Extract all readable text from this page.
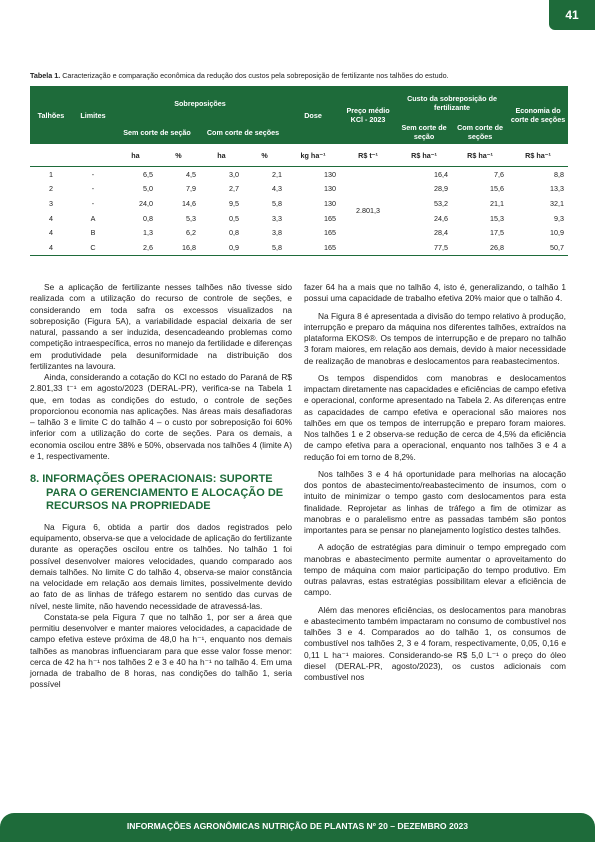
41
Tabela 1. Caracterização e comparação econômica da redução dos custos pela sobreposição de fertilizante nos talhões do estudo.
Talhões	Limites	Sobreposições				Dose	Preço médio KCl - 2023	Custo da sobreposição de fertilizante		Economia do corte de seções
		Sem corte de seção		Com corte de seções				Sem corte de seção	Com corte de seções	
		ha	%	ha	%	kg ha⁻¹	R$ t⁻¹	R$ ha⁻¹	R$ ha⁻¹	R$ ha⁻¹
1	-	6,5	4,5	3,0	2,1	130		16,4	7,6	8,8
2	-	5,0	7,9	2,7	4,3	130		28,9	15,6	13,3
3	-	24,0	14,6	9,5	5,8	130	2.801,3	53,2	21,1	32,1
4	A	0,8	5,3	0,5	3,3	165		24,6	15,3	9,3
4	B	1,3	6,2	0,8	3,8	165		28,4	17,5	10,9
4	C	2,6	16,8	0,9	5,8	165		77,5	26,8	50,7

Se a aplicação de fertilizante nesses talhões não tivesse sido realizada com a utilização do recurso de controle de seções, e considerando em toda safra os excessos visualizados na sobreposição (Figura 5A), a variabilidade espacial deixaria de ser natural, passando a ser induzida, desencadeando problemas como competição intraespecífica, erros no manejo da fertilidade e diferenças em produtividade pela desuniformidade na distribuição dos fertilizantes na lavoura.

Ainda, considerando a cotação do KCl no estado do Paraná de R$ 2.801,33 t⁻¹ em agosto/2023 (DERAL-PR), verifica-se na Tabela 1 que, em todas as condições do estudo, o controle de seções proporcionou economia nas aplicações. Nas áreas mais desafiadoras – talhão 3 e limite C do talhão 4 – o custo por sobreposição foi 60% inferior com a utilização do corte de seções. Para os demais, a economia oscilou entre 38% e 50%, observada nos talhões 4 (limite A) e 1, respectivamente.

8. INFORMAÇÕES OPERACIONAIS: SUPORTE PARA O GERENCIAMENTO E ALOCAÇÃO DE RECURSOS NA PROPRIEDADE

Na Figura 6, obtida a partir dos dados registrados pelo equipamento, observa-se que a velocidade de aplicação do fertilizante durante as operações oscilou entre os talhões. No talhão 1 foi possível desenvolver maiores velocidades, quando comparado aos demais talhões. No limite C do talhão 4, observa-se maior constância na velocidade em relação aos demais limites, possivelmente devido ao fato de as linhas de tráfego estarem no sentido das curvas de nível, neste limite, não havendo necessidade de atravessá-las.

Constata-se pela Figura 7 que no talhão 1, por ser a área que permitiu desenvolver e manter maiores velocidades, a capacidade de campo efetiva esteve próxima de 48,0 ha h⁻¹, enquanto nos demais talhões as manobras influenciaram para que esse valor fosse menor: cerca de 42 ha h⁻¹ nos talhões 2 e 3 e 40 ha h⁻¹ no talhão 4. Em uma jornada de trabalho de 8 horas, nas condições do talhão 1, seria possível

fazer 64 ha a mais que no talhão 4, isto é, generalizando, o talhão 1 possui uma capacidade de trabalho efetiva 20% maior que o talhão 4.

Na Figura 8 é apresentada a divisão do tempo relativo à produção, interrupção e preparo da máquina nos diferentes talhões, extraídos na plataforma EKOS®. Os tempos de interrupção e de preparo no talhão 3 foram maiores, em relação aos demais, devido à maior necessidade de realização de manobras e deslocamentos para reabastecimentos.

Os tempos dispendidos com manobras e deslocamentos impactam diretamente nas capacidades e eficiências de campo efetiva e operacional, conforme apresentado na Tabela 2. As diferenças entre as capacidades de campo efetiva e operacional são maiores nos talhões em que os tempos de interrupção e preparo foram maiores. Nos talhões 1 e 2 observa-se redução de cerca de 4,5% da eficiência de campo efetiva para a operacional, enquanto nos talhões 3 e 4 a redução foi em torno de 8,2%.

Nos talhões 3 e 4 há oportunidade para melhorias na alocação dos pontos de abastecimento/reabastecimento de insumos, com o intuito de minimizar o tempo gasto com deslocamentos para esta finalidade. Reprojetar as linhas de tráfego a fim de otimizar as manobras e o paralelismo entre as passadas também são pontos importantes para se pensar no planejamento logístico destes talhões.

A adoção de estratégias para diminuir o tempo empregado com manobras e abastecimento permite aumentar o aproveitamento do tempo de máquina com maior participação do tempo produtivo. Em outras palavras, estas estratégias possibilitam elevar a eficiência de campo.

Além das menores eficiências, os deslocamentos para manobras e abastecimento também impactaram no consumo de combustível nos talhões 3 e 4. Comparados ao do talhão 1, os consumos de combustível nos talhões 2, 3 e 4 foram, respectivamente, 0,05, 0,16 e 0,11 L ha⁻¹ maiores. Considerando-se R$ 5,0 L⁻¹ o preço do óleo diesel (DERAL-PR, agosto/2023), os custos adicionais com combustível nos

INFORMAÇÕES AGRONÔMICAS NUTRIÇÃO DE PLANTAS Nº 20 – DEZEMBRO 2023
